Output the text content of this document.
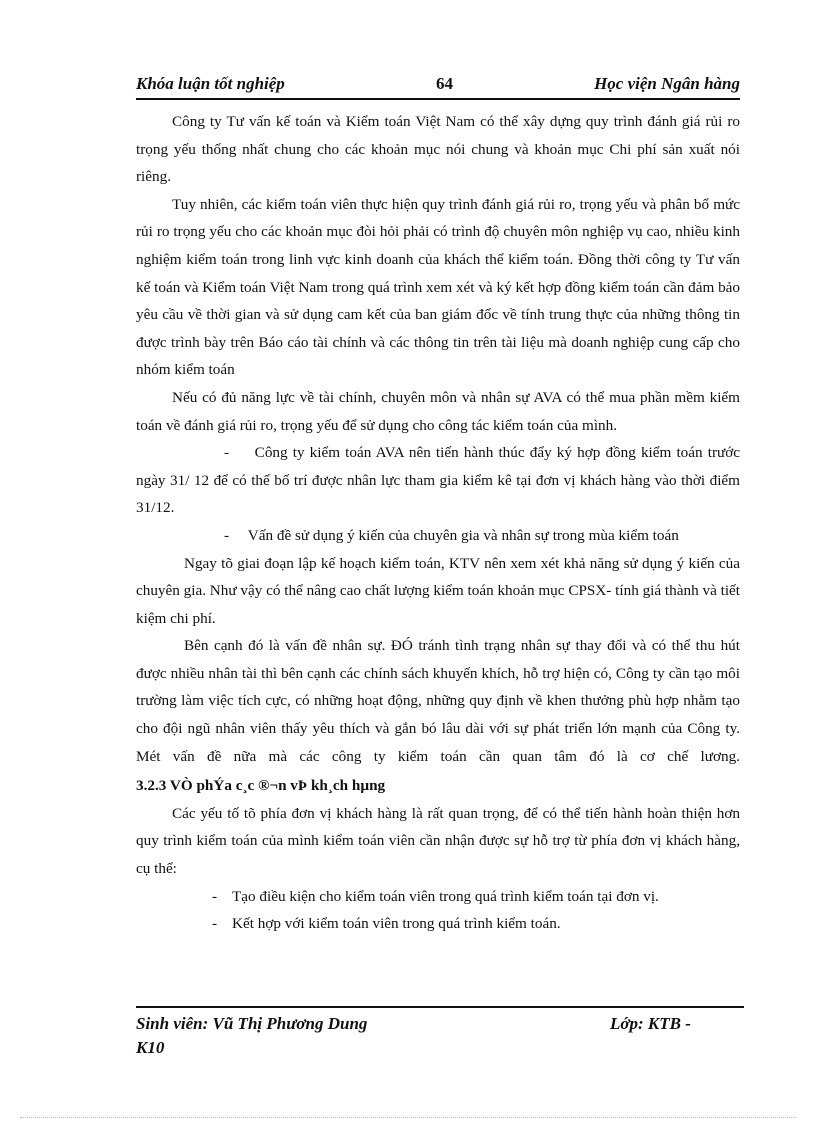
Khóa luận tốt nghiệp	64	Học viện Ngân hàng

Công ty Tư vấn kế toán và Kiểm toán Việt Nam có thể xây dựng quy trình đánh giá rủi ro trọng yếu thống nhất chung cho các khoản mục nói chung và khoản mục Chi phí sản xuất nói riêng.

Tuy nhiên, các kiểm toán viên thực hiện quy trình đánh giá rủi ro, trọng yếu và phân bổ mức rủi ro trọng yếu cho các khoản mục đòi hỏi phải có trình độ chuyên môn nghiệp vụ cao, nhiều kinh nghiệm kiểm toán trong linh vực kinh doanh của khách thể kiểm toán. Đồng thời công ty Tư vấn kế toán và Kiểm toán Việt Nam trong quá trình xem xét và ký kết hợp đồng kiểm toán cần đảm bảo yêu cầu về thời gian và sử dụng cam kết của ban giám đốc về tính trung thực của những thông tin được trình bày trên Báo cáo tài chính và các thông tin trên tài liệu mà doanh nghiệp cung cấp cho nhóm kiểm toán

Nếu có đủ năng lực về tài chính, chuyên môn và nhân sự AVA có thể mua phần mềm kiểm toán về đánh giá rủi ro, trọng yếu để sử dụng cho công tác kiểm toán của mình.

-     Công ty kiểm toán AVA nên tiến hành thúc đẩy ký hợp đồng kiểm toán trước ngày 31/ 12 để có thể bố trí được nhân lực tham gia kiểm kê tại đơn vị khách hàng vào thời điểm 31/12.

-     Vấn đề sử dụng ý kiến của chuyên gia và nhân sự trong mùa kiểm toán

Ngay tõ giai đoạn lập kế hoạch kiểm toán, KTV nên xem xét khả năng sử dụng ý kiến của chuyên gia. Như vậy có thể nâng cao chất lượng kiểm toán khoản mục CPSX- tính giá thành và tiết kiệm chi phí.

Bên cạnh đó là vấn đề nhân sự. ĐÓ tránh tình trạng nhân sự thay đổi và có thể thu hút được nhiều nhân tài thì bên cạnh các chính sách khuyến khích, hỗ trợ hiện có, Công ty cần tạo môi trường làm việc tích cực, có những hoạt động, những quy định về khen thưởng phù hợp nhằm tạo cho đội ngũ nhân viên thấy yêu thích và gắn bó lâu dài với sự phát triển lớn mạnh của Công ty. Mét vấn đề nữa mà các công ty kiểm toán cần quan tâm đó là cơ chế lương.

3.2.3 VÒ phÝa c¸c ®¬n vÞ kh¸ch hµng

Các yếu tố tõ phía đơn vị khách hàng là rất quan trọng, để có thể tiến hành hoàn thiện hơn quy trình kiểm toán của mình kiểm toán viên cần nhận được sự hỗ trợ từ phía đơn vị khách hàng, cụ thể:

- Tạo điều kiện cho kiểm toán viên trong quá trình kiểm toán tại đơn vị.

- Kết hợp với kiểm toán viên trong quá trình kiểm toán.

Sinh viên: Vũ Thị Phương Dung	Lớp: KTB -
K10
